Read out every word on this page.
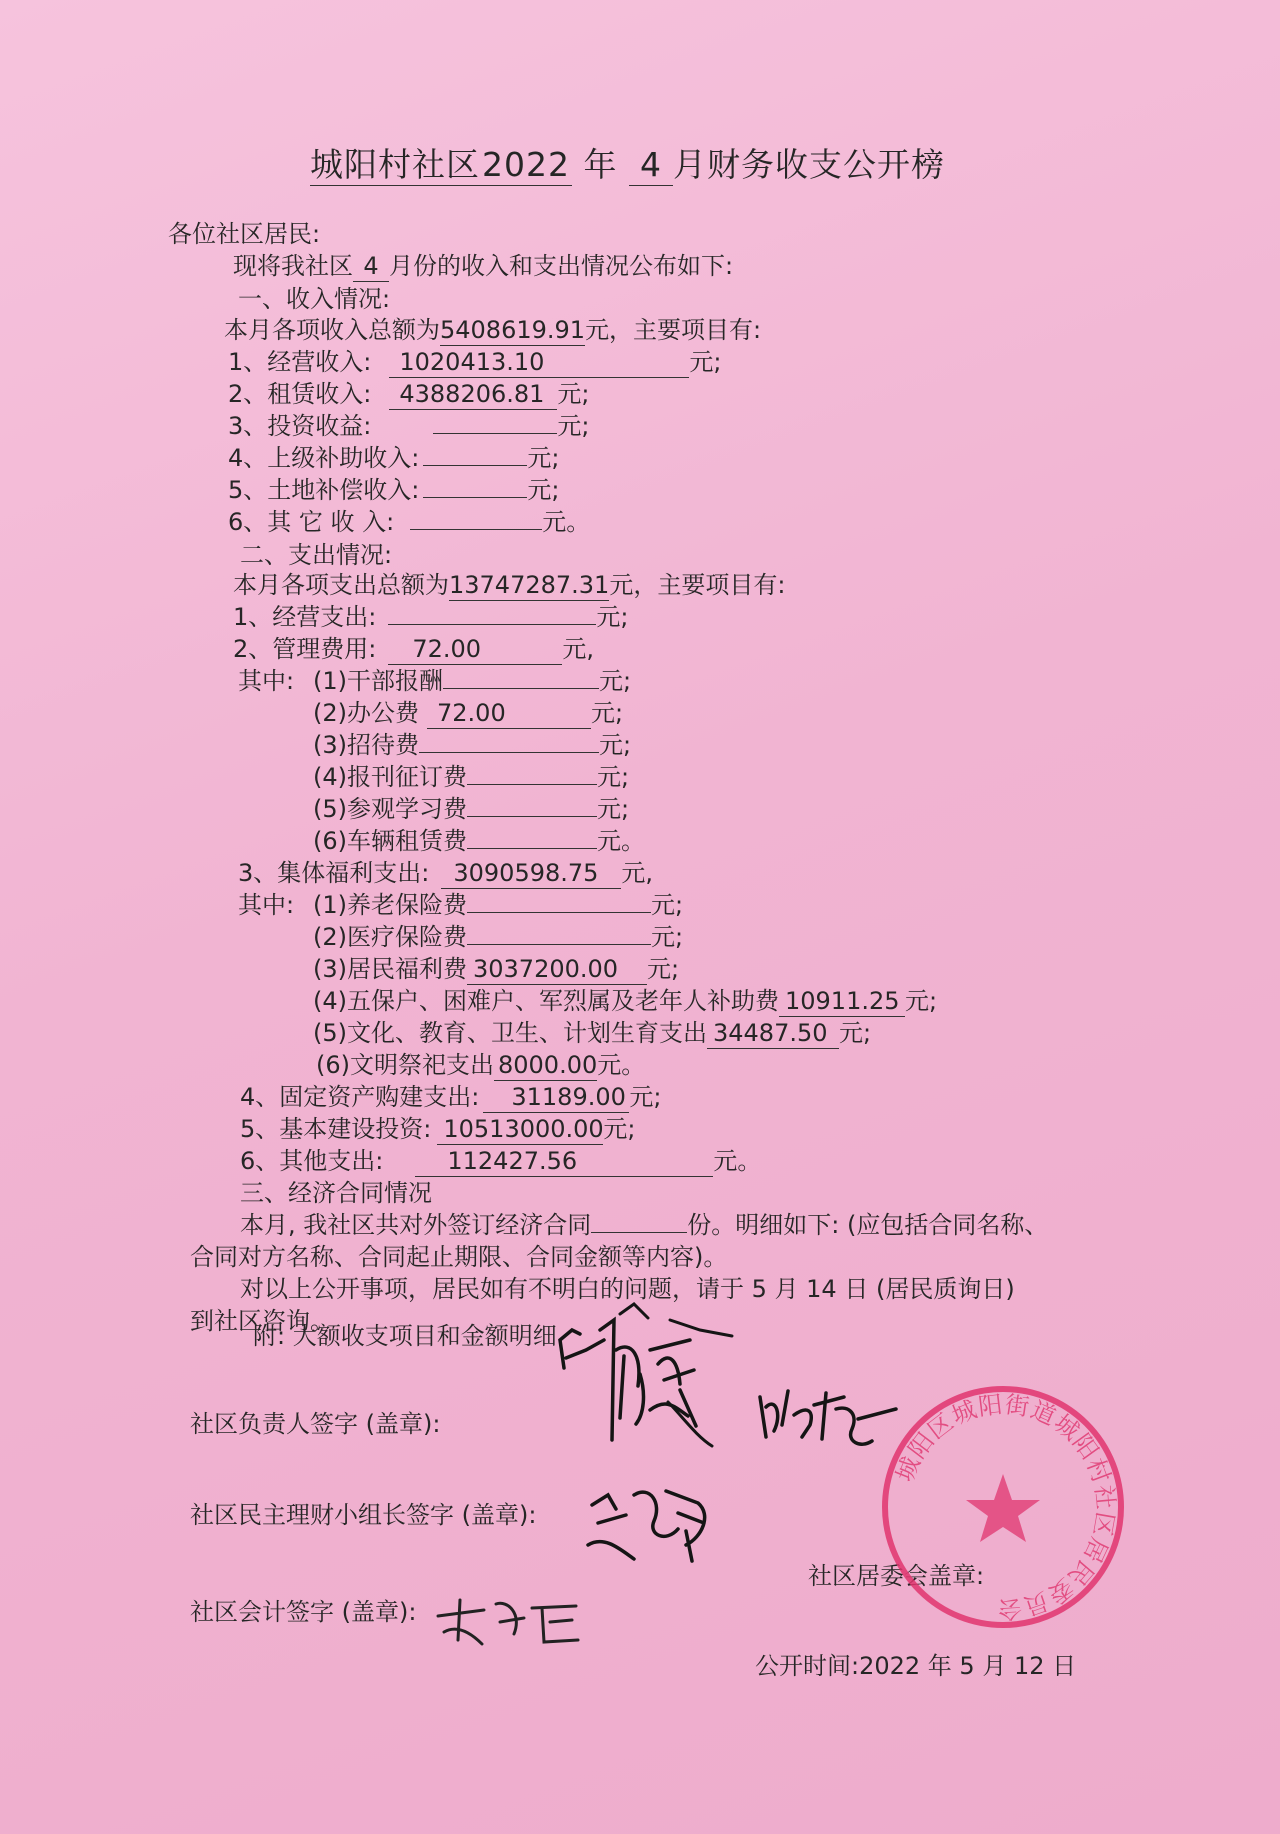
城阳村社区2022 年 4 月财务收支公开榜
各位社区居民:
现将我社区 4 月份的收入和支出情况公布如下:
一、收入情况:
本月各项收入总额为5408619.91元，主要项目有:
1、经营收入: 1020413.10	元;
2、租赁收入: 4388206.81 元;
3、投资收益:	元;
4、上级补助收入:	元;
5、土地补偿收入:	元;
6、其 它 收 入:	元。
二、支出情况:
本月各项支出总额为13747287.31元，主要项目有:
1、经营支出:	元;
2、管理费用: 72.00	元,
其中: (1)干部报酬	元;
(2)办公费 72.00	元;
(3)招待费	元;
(4)报刊征订费	元;
(5)参观学习费	元;
(6)车辆租赁费	元。
3、集体福利支出: 3090598.75 元,
其中: (1)养老保险费	元;
(2)医疗保险费	元;
(3)居民福利费 3037200.00 元;
(4)五保户、困难户、军烈属及老年人补助费 10911.25 元;
(5)文化、教育、卫生、计划生育支出 34487.50 元;
(6)文明祭祀支出 8000.00元。
4、固定资产购建支出: 31189.00 元;
5、基本建设投资: 10513000.00元;
6、其他支出:	112427.56	元。
三、经济合同情况
本月, 我社区共对外签订经济合同	份。明细如下: (应包括合同名称、
合同对方名称、合同起止期限、合同金额等内容)。
对以上公开事项，居民如有不明白的问题，请于 5 月 14 日 (居民质询日)
到社区咨询。
附: 大额收支项目和金额明细
社区负责人签字 (盖章):
社区民主理财小组长签字 (盖章):
社区居委会盖章:
社区会计签字 (盖章):
公开时间:2022 年 5 月 12 日
城阳区城阳街道城阳村社区居民委员会
